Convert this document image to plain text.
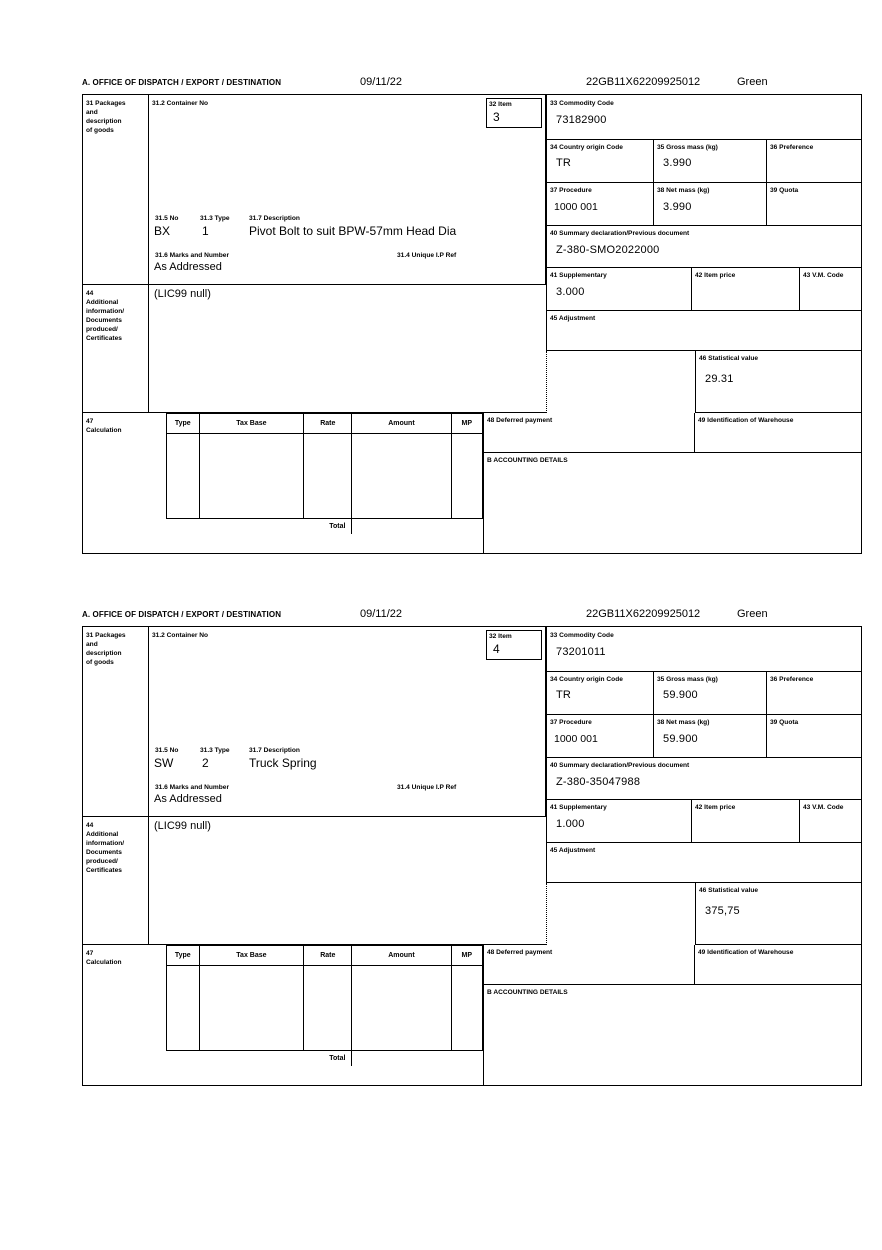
A. OFFICE OF DISPATCH / EXPORT / DESTINATION	09/11/22	22GB11X62209925012	Green
31 Packages
and
description
of goods
44
Additional
information/
Documents
produced/
Certificates
47
Calculation
31.2 Container No
31.5 No	31.3 Type	31.7 Description
BX	1	Pivot Bolt to suit BPW-57mm Head Dia
31.6 Marks and Number	31.4 Unique I.P Ref
As Addressed
32 Item
3
(LIC99 null)
33 Commodity Code
73182900
34 Country origin Code
TR
35 Gross mass (kg)
3.990
36 Preference
37 Procedure
1000 001
38 Net mass (kg)
3.990
39 Quota
40 Summary declaration/Previous document
Z-380-SMO2022000
41 Supplementary
3.000
42 Item price	43 V.M. Code
45 Adjustment
46 Statistical value
29.31
48 Deferred payment	49 Identification of Warehouse
B ACCOUNTING DETAILS
Type	Tax Base	Rate	Amount	MP

Total				
A. OFFICE OF DISPATCH / EXPORT / DESTINATION	09/11/22	22GB11X62209925012	Green
31 Packages
and
description
of goods
44
Additional
information/
Documents
produced/
Certificates
47
Calculation
31.2 Container No
31.5 No	31.3 Type	31.7 Description
SW 2	Truck Spring
31.6 Marks and Number	31.4 Unique I.P Ref
As Addressed
32 Item
4
(LIC99 null)
33 Commodity Code
73201011
34 Country origin Code
TR
35 Gross mass (kg)
59.900
36 Preference
37 Procedure
1000 001
38 Net mass (kg)
59.900
39 Quota
40 Summary declaration/Previous document
Z-380-35047988
41 Supplementary
1.000
42 Item price	43 V.M. Code
45 Adjustment
46 Statistical value
375,75
48 Deferred payment	49 Identification of Warehouse
B ACCOUNTING DETAILS
Type	Tax Base	Rate	Amount	MP

Total				
